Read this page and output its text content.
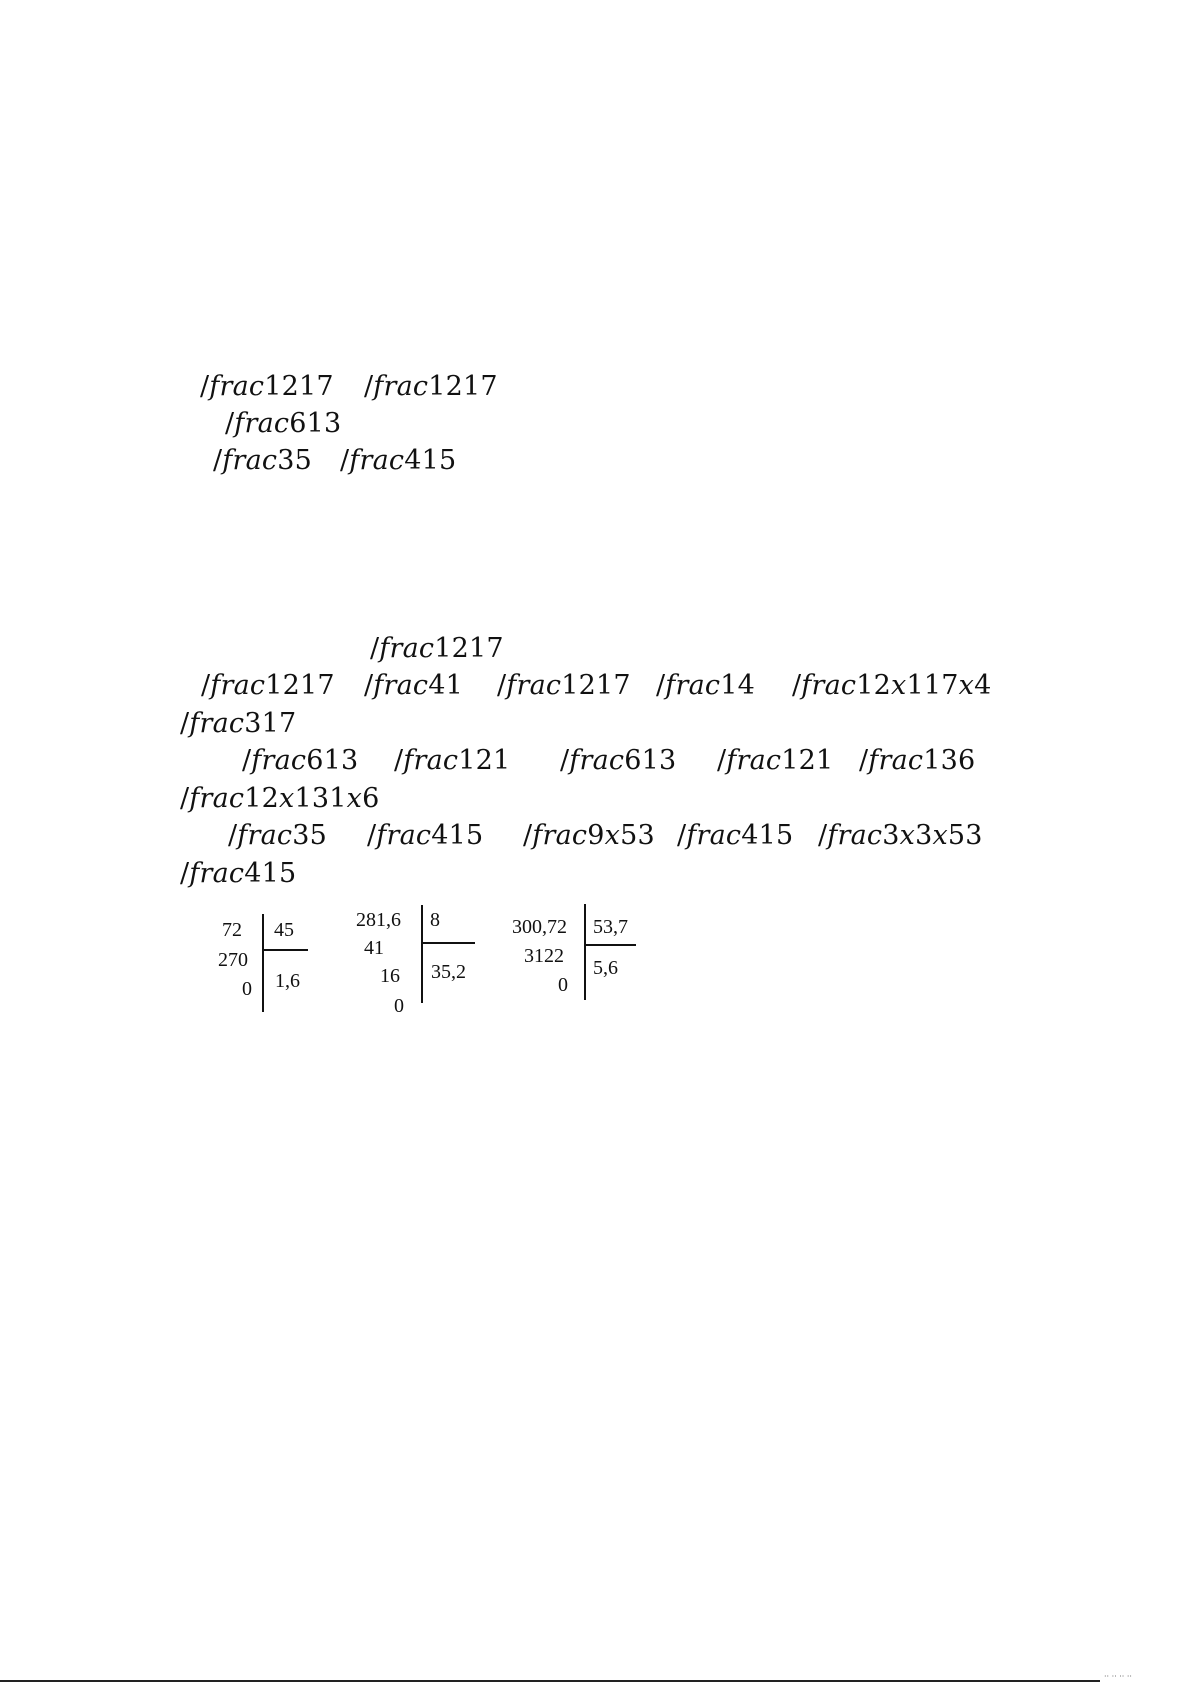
/frac1217 /frac1217
/frac613
/frac35 /frac415
/frac1217
/frac1217 /frac41 /frac1217 /frac14 /frac12x117x4
/frac317
/frac613 /frac121 /frac613 /frac121 /frac136
/frac12x131x6
/frac35 /frac415 /frac9x53 /frac415 /frac3x3x53
/frac415
72 45
270
0 1,6
281,6 8
41
16
0
35,2
300,72 53,7
3122
0
5,6
·· ·· ·· ··
